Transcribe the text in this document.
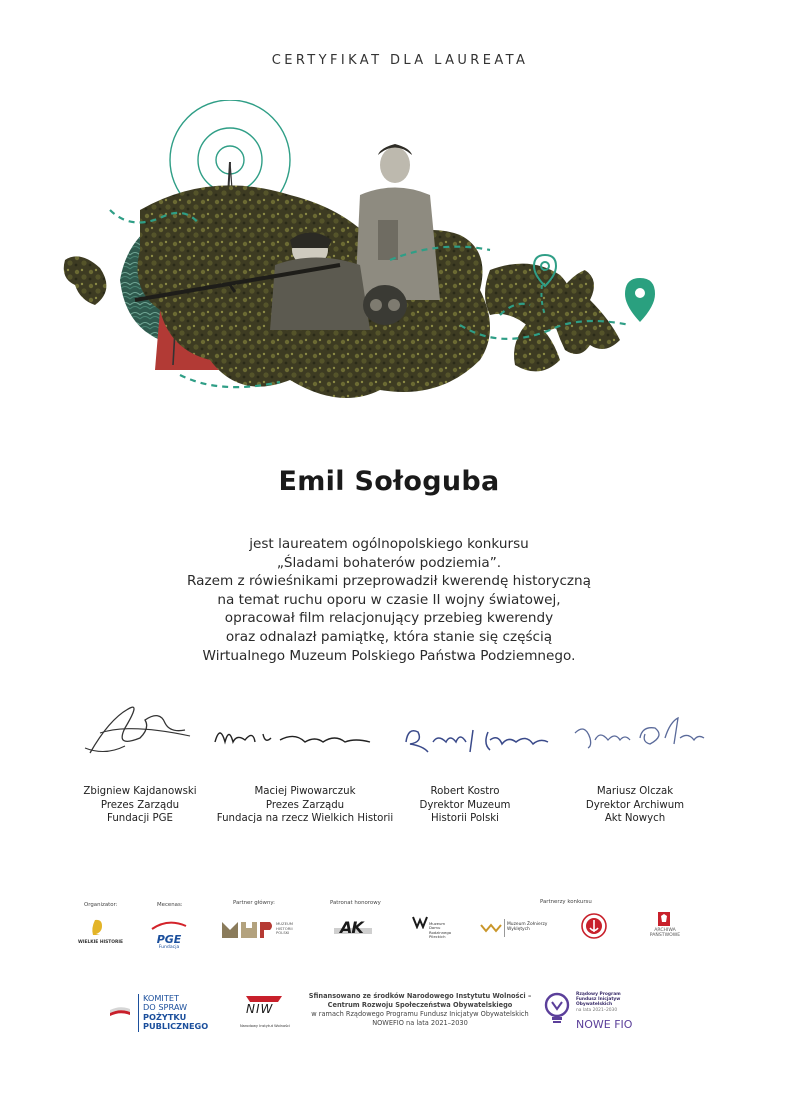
CERTYFIKAT DLA LAUREATA
Emil Sołoguba
jest laureatem ogólnopolskiego konkursu
„Śladami bohaterów podziemia”.
Razem z rówieśnikami przeprowadził kwerendę historyczną
na temat ruchu oporu w czasie II wojny światowej,
opracował film relacjonujący przebieg kwerendy
oraz odnalazł pamiątkę, która stanie się częścią
Wirtualnego Muzeum Polskiego Państwa Podziemnego.
Zbigniew Kajdanowski
Prezes Zarządu
Fundacji PGE
Maciej Piwowarczuk
Prezes Zarządu
Fundacja na rzecz Wielkich Historii
Robert Kostro
Dyrektor Muzeum
Historii Polski
Mariusz Olczak
Dyrektor Archiwum
Akt Nowych
Organizator:	Mecenas:	Partner główny:	Patronat honorowy	Partnerzy konkursu
WIELKIE HISTORIE	PGE
Fundacja
MUZEUM
HISTORII
POLSKI	AK	Muzeum
Domu Rodzinnego
Pileckich
Muzeum Żołnierzy
Wyklętych	ARCHIWA
PAŃSTWOWE
KOMITET
DO SPRAW
POŻYTKU
PUBLICZNEGO
NIW
Narodowy Instytut Wolności
Sfinansowano ze środków Narodowego Instytutu Wolności –
Centrum Rozwoju Społeczeństwa Obywatelskiego
w ramach Rządowego Programu Fundusz Inicjatyw Obywatelskich
NOWEFIO na lata 2021–2030
Rządowy Program
Fundusz Inicjatyw
Obywatelskich
na lata 2021–2030
NOWE FIO
